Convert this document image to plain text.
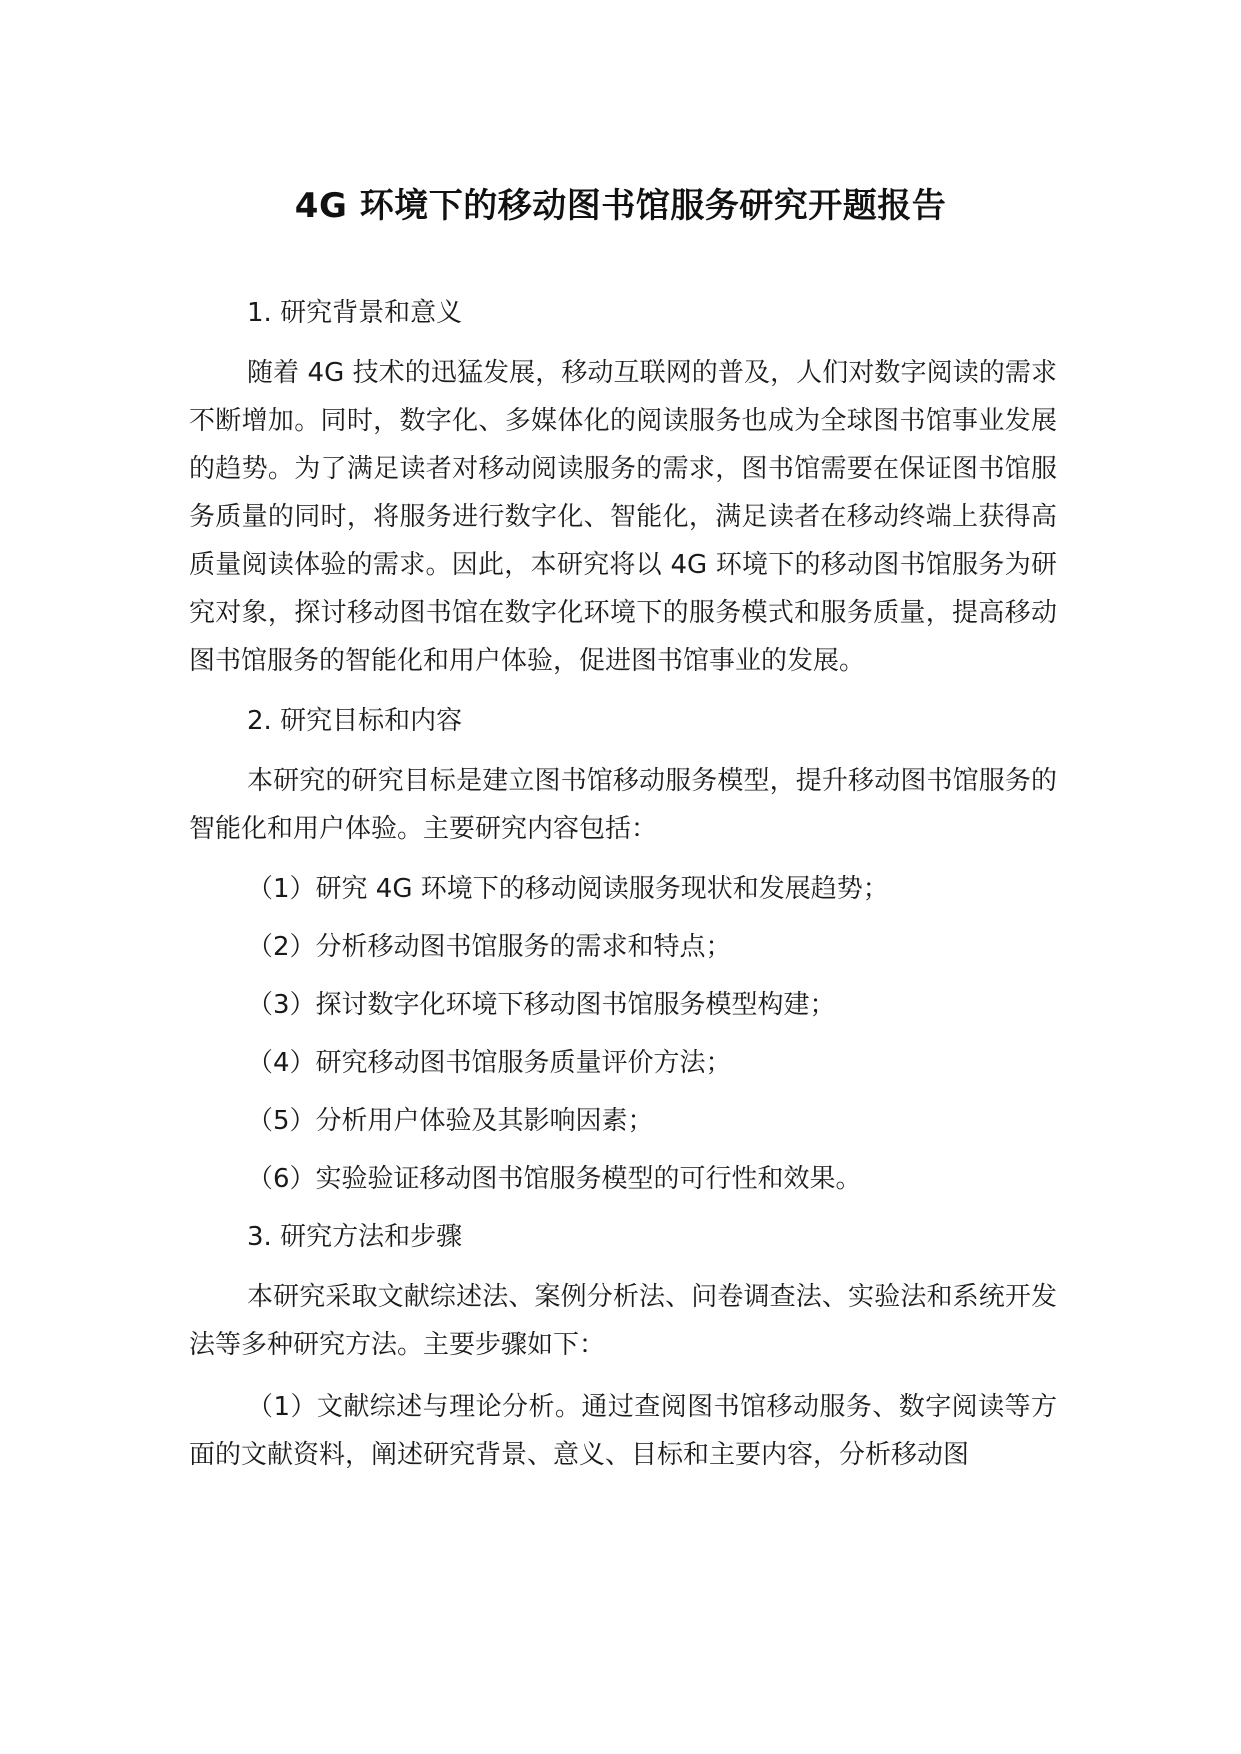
4G 环境下的移动图书馆服务研究开题报告

1. 研究背景和意义

随着 4G 技术的迅猛发展，移动互联网的普及，人们对数字阅读的需求不断增加。同时，数字化、多媒体化的阅读服务也成为全球图书馆事业发展的趋势。为了满足读者对移动阅读服务的需求，图书馆需要在保证图书馆服务质量的同时，将服务进行数字化、智能化，满足读者在移动终端上获得高质量阅读体验的需求。因此，本研究将以 4G 环境下的移动图书馆服务为研究对象，探讨移动图书馆在数字化环境下的服务模式和服务质量，提高移动图书馆服务的智能化和用户体验，促进图书馆事业的发展。

2. 研究目标和内容

本研究的研究目标是建立图书馆移动服务模型，提升移动图书馆服务的智能化和用户体验。主要研究内容包括：

（1）研究 4G 环境下的移动阅读服务现状和发展趋势；

（2）分析移动图书馆服务的需求和特点；

（3）探讨数字化环境下移动图书馆服务模型构建；

（4）研究移动图书馆服务质量评价方法；

（5）分析用户体验及其影响因素；

（6）实验验证移动图书馆服务模型的可行性和效果。

3. 研究方法和步骤

本研究采取文献综述法、案例分析法、问卷调查法、实验法和系统开发法等多种研究方法。主要步骤如下：

（1）文献综述与理论分析。通过查阅图书馆移动服务、数字阅读等方面的文献资料，阐述研究背景、意义、目标和主要内容，分析移动图
